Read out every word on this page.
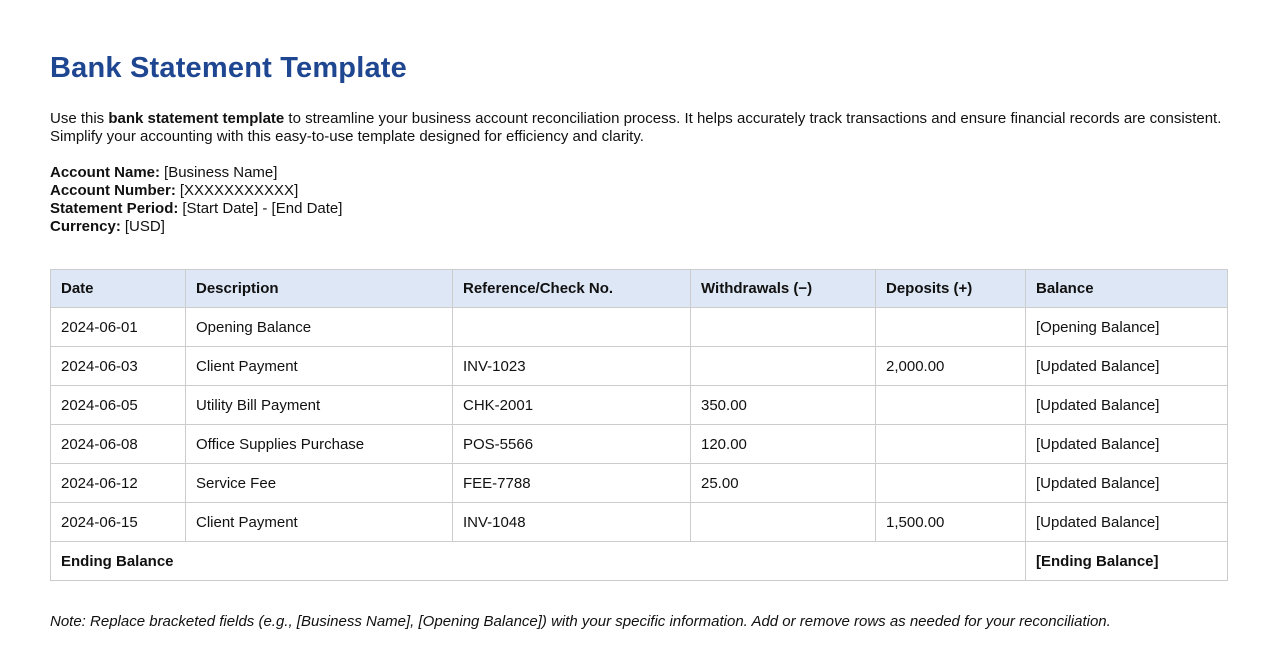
Bank Statement Template

Use this bank statement template to streamline your business account reconciliation process. It helps accurately track transactions and ensure financial records are consistent. Simplify your accounting with this easy-to-use template designed for efficiency and clarity.

Account Name: [Business Name]
Account Number: [XXXXXXXXXXX]
Statement Period: [Start Date] - [End Date]
Currency: [USD]
Date	Description	Reference/Check No.	Withdrawals (−)	Deposits (+)	Balance
2024-06-01	Opening Balance				[Opening Balance]
2024-06-03	Client Payment	INV-1023		2,000.00	[Updated Balance]
2024-06-05	Utility Bill Payment	CHK-2001	350.00		[Updated Balance]
2024-06-08	Office Supplies Purchase	POS-5566	120.00		[Updated Balance]
2024-06-12	Service Fee	FEE-7788	25.00		[Updated Balance]
2024-06-15	Client Payment	INV-1048		1,500.00	[Updated Balance]
Ending Balance					[Ending Balance]

Note: Replace bracketed fields (e.g., [Business Name], [Opening Balance]) with your specific information. Add or remove rows as needed for your reconciliation.
